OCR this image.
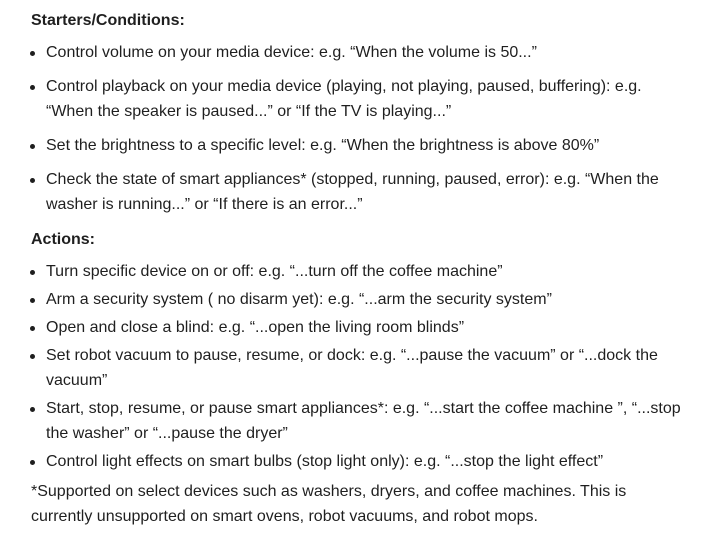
Starters/Conditions:
Control volume on your media device: e.g. “When the volume is 50...”
Control playback on your media device (playing, not playing, paused, buffering): e.g. “When the speaker is paused...” or “If the TV is playing...”
Set the brightness to a specific level: e.g. “When the brightness is above 80%”
Check the state of smart appliances* (stopped, running, paused, error): e.g. “When the washer is running...” or “If there is an error...”
Actions:
Turn specific device on or off: e.g. “...turn off the coffee machine”
Arm a security system ( no disarm yet): e.g. “...arm the security system”
Open and close a blind: e.g. “...open the living room blinds”
Set robot vacuum to pause, resume, or dock: e.g. “...pause the vacuum” or “...dock the vacuum”
Start, stop, resume, or pause smart appliances*: e.g. “...start the coffee machine ”, “...stop the washer” or “...pause the dryer”
Control light effects on smart bulbs (stop light only): e.g. “...stop the light effect”
*Supported on select devices such as washers, dryers, and coffee machines. This is currently unsupported on smart ovens, robot vacuums, and robot mops.
